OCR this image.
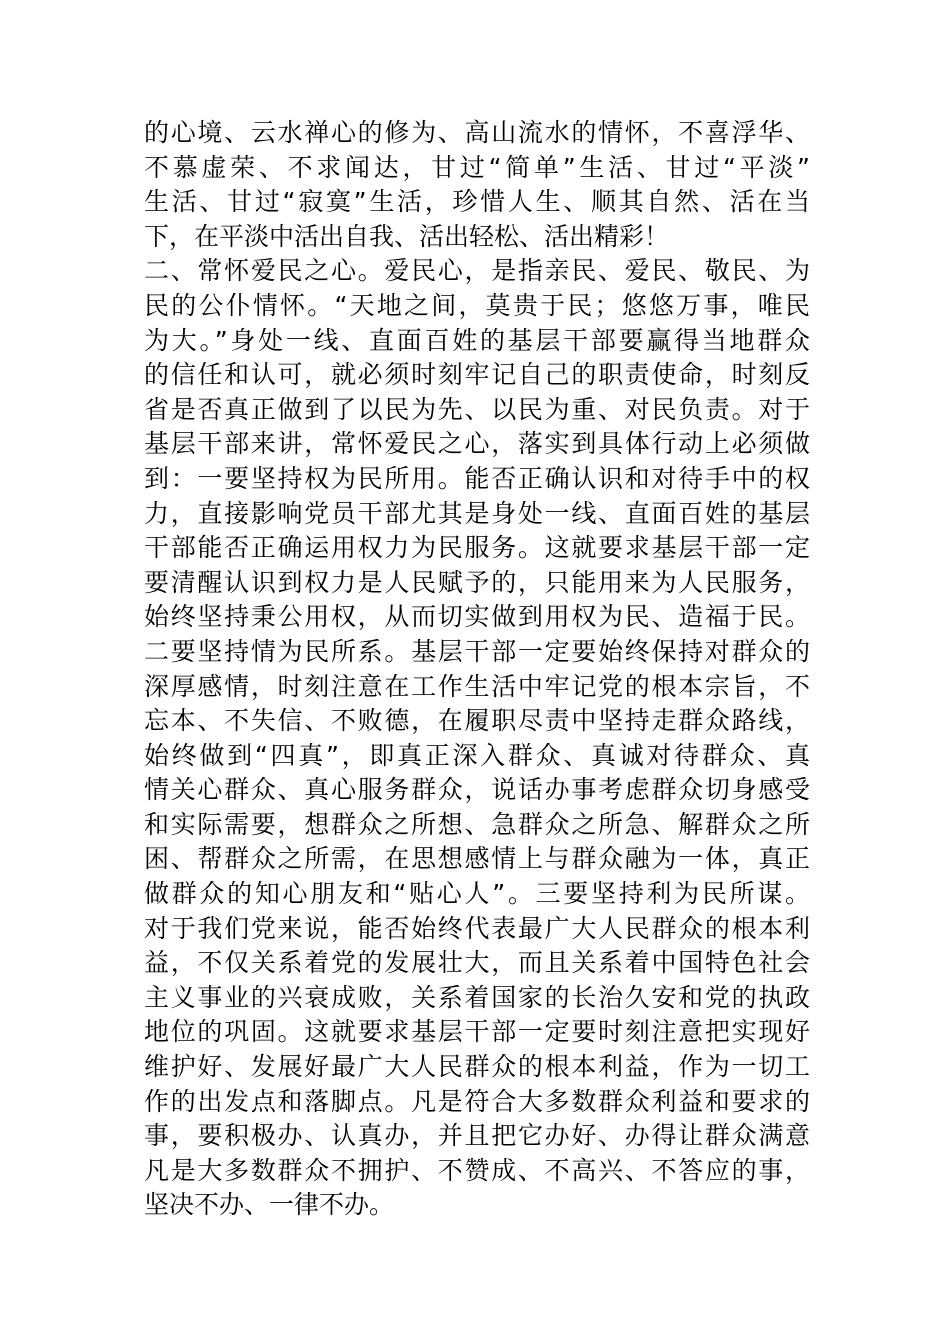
的心境、云水禅心的修为、高山流水的情怀，不喜浮华、
不慕虚荣、不求闻达，甘过“简单”生活、甘过“平淡”
生活、甘过“寂寞”生活，珍惜人生、顺其自然、活在当
下，在平淡中活出自我、活出轻松、活出精彩！
二、常怀爱民之心。爱民心，是指亲民、爱民、敬民、为
民的公仆情怀。“天地之间，莫贵于民；悠悠万事，唯民
为大。”身处一线、直面百姓的基层干部要赢得当地群众
的信任和认可，就必须时刻牢记自己的职责使命，时刻反
省是否真正做到了以民为先、以民为重、对民负责。对于
基层干部来讲，常怀爱民之心，落实到具体行动上必须做
到：一要坚持权为民所用。能否正确认识和对待手中的权
力，直接影响党员干部尤其是身处一线、直面百姓的基层
干部能否正确运用权力为民服务。这就要求基层干部一定
要清醒认识到权力是人民赋予的，只能用来为人民服务，
始终坚持秉公用权，从而切实做到用权为民、造福于民。
二要坚持情为民所系。基层干部一定要始终保持对群众的
深厚感情，时刻注意在工作生活中牢记党的根本宗旨，不
忘本、不失信、不败德，在履职尽责中坚持走群众路线，
始终做到“四真”，即真正深入群众、真诚对待群众、真
情关心群众、真心服务群众，说话办事考虑群众切身感受
和实际需要，想群众之所想、急群众之所急、解群众之所
困、帮群众之所需，在思想感情上与群众融为一体，真正
做群众的知心朋友和“贴心人”。三要坚持利为民所谋。
对于我们党来说，能否始终代表最广大人民群众的根本利
益，不仅关系着党的发展壮大，而且关系着中国特色社会
主义事业的兴衰成败，关系着国家的长治久安和党的执政
地位的巩固。这就要求基层干部一定要时刻注意把实现好
维护好、发展好最广大人民群众的根本利益，作为一切工
作的出发点和落脚点。凡是符合大多数群众利益和要求的
事，要积极办、认真办，并且把它办好、办得让群众满意
凡是大多数群众不拥护、不赞成、不高兴、不答应的事，
坚决不办、一律不办。
